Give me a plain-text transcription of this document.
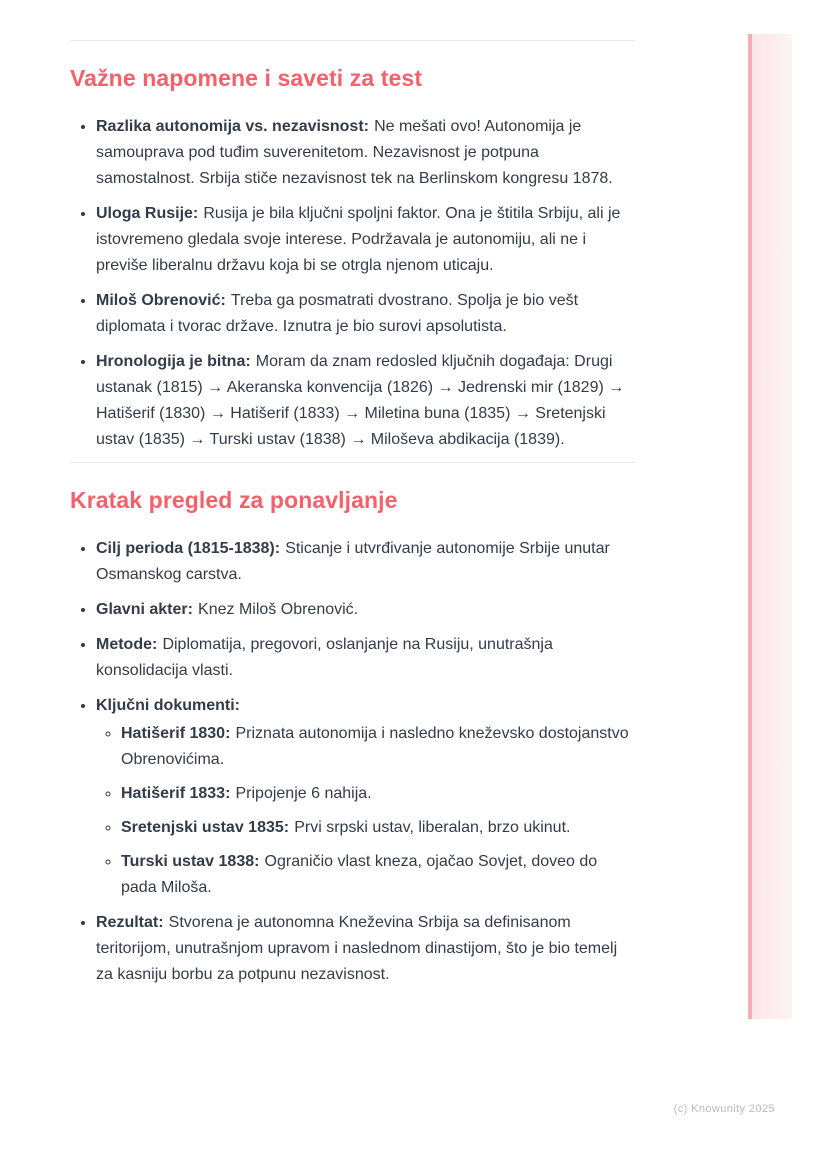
Važne napomene i saveti za test
• Razlika autonomija vs. nezavisnost: Ne mešati ovo! Autonomija je samouprava pod tuđim suverenitetom. Nezavisnost je potpuna samostalnost. Srbija stiče nezavisnost tek na Berlinskom kongresu 1878.
• Uloga Rusije: Rusija je bila ključni spoljni faktor. Ona je štitila Srbiju, ali je istovremeno gledala svoje interese. Podržavala je autonomiju, ali ne i previše liberalnu državu koja bi se otrgla njenom uticaju.
• Miloš Obrenović: Treba ga posmatrati dvostrano. Spolja je bio vešt diplomata i tvorac države. Iznutra je bio surovi apsolutista.
• Hronologija je bitna: Moram da znam redosled ključnih događaja: Drugi ustanak (1815) → Akeranska konvencija (1826) → Jedrenski mir (1829) → Hatišerif (1830) → Hatišerif (1833) → Miletina buna (1835) → Sretenjski ustav (1835) → Turski ustav (1838) → Miloševa abdikacija (1839).
Kratak pregled za ponavljanje
• Cilj perioda (1815-1838): Sticanje i utvrđivanje autonomije Srbije unutar Osmanskog carstva.
• Glavni akter: Knez Miloš Obrenović.
• Metode: Diplomatija, pregovori, oslanjanje na Rusiju, unutrašnja konsolidacija vlasti.
• Ključni dokumenti:
◦ Hatišerif 1830: Priznata autonomija i nasledno kneževsko dostojanstvo Obrenovićima.
◦ Hatišerif 1833: Pripojenje 6 nahija.
◦ Sretenjski ustav 1835: Prvi srpski ustav, liberalan, brzo ukinut.
◦ Turski ustav 1838: Ograničio vlast kneza, ojačao Sovjet, doveo do pada Miloša.
• Rezultat: Stvorena je autonomna Kneževina Srbija sa definisanom teritorijom, unutrašnjom upravom i naslednom dinastijom, što je bio temelj za kasniju borbu za potpunu nezavisnost.
(c) Knowunity 2025
